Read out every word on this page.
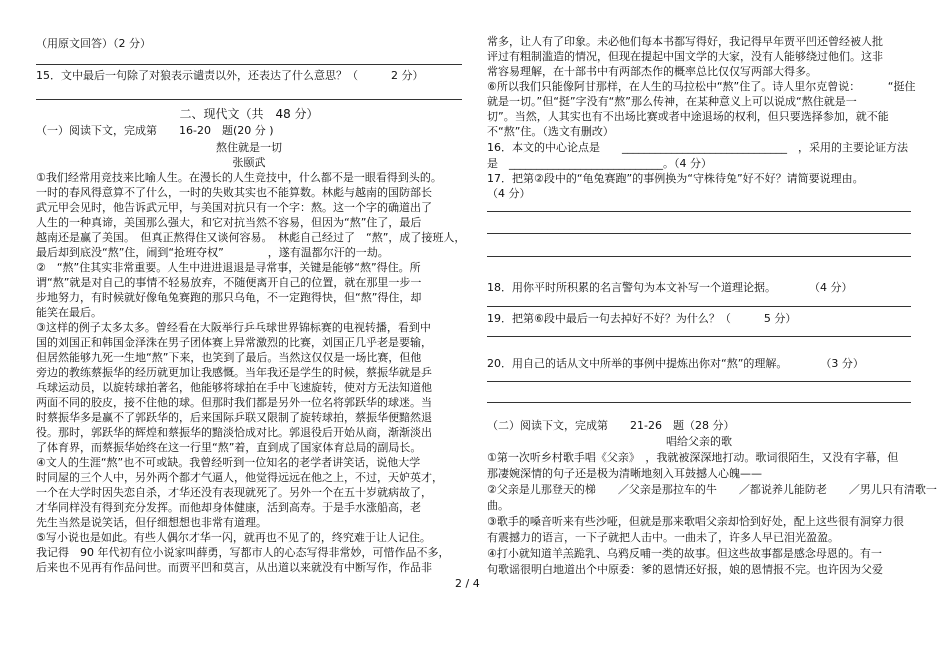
（用原文回答）（2 分）
15．文中最后一句除了对狼表示谴责以外，还表达了什么意思？（　　　2 分）
二、现代文（共　48 分）
（一）阅读下文，完成第　　16-20　题(20 分 )
熬住就是一切
张颐武
①我们经常用竞技来比喻人生。在漫长的人生竞技中，什么都不是一眼看得到头的。
一时的春风得意算不了什么，一时的失败其实也不能算数。林彪与越南的国防部长
武元甲会见时，他告诉武元甲，与美国对抗只有一个字：熬。这一个字的确道出了
人生的一种真谛，美国那么强大，和它对抗当然不容易，但因为“熬”住了，最后
越南还是赢了美国。　但真正熬得住又谈何容易。　林彪自己经过了　“熬”，成了接班人，
最后却到底没“熬”住，闹到“抢班夺权”　　　　，遂有温都尔汗的一劫。
②　“熬”住其实非常重要。人生中进进退退是寻常事，关键是能够“熬”得住。所
谓“熬”就是对自己的事情不轻易放弃，不随便离开自己的位置，就在那里一步一
步地努力，有时候就好像龟兔赛跑的那只乌龟，不一定跑得快，但“熬”得住，却
能笑在最后。
③这样的例子太多太多。曾经看在大阪举行乒乓球世界锦标赛的电视转播，看到中
国的刘国正和韩国金泽洙在男子团体赛上异常激烈的比赛，刘国正几乎老是要输，
但居然能够九死一生地“熬”下来，也笑到了最后。当然这仅仅是一场比赛，但他
旁边的教练蔡振华的经历就更加让我感慨。当年我还是学生的时候，蔡振华就是乒
乓球运动员，以旋转球拍著名，他能够将球拍在手中飞速旋转，使对方无法知道他
两面不同的胶皮，接不住他的球。但那时我们都是另外一位名将郭跃华的球迷。当
时蔡振华多是赢不了郭跃华的，后来国际乒联又限制了旋转球拍，蔡振华便黯然退
役。那时，郭跃华的辉煌和蔡振华的黯淡恰成对比。郭退役后开始从商，渐渐淡出
了体育界，而蔡振华始终在这一行里“熬”着，直到成了国家体育总局的副局长。
④文人的生涯“熬”也不可或缺。我曾经听到一位知名的老学者讲笑话，说他大学
时同屋的三个人中，另外两个都才气逼人，他觉得远远在他之上，不过，天妒英才，
一个在大学时因失恋自杀，才华还没有表现就死了。另外一个在五十岁就病故了，
才华同样没有得到充分发挥。而他却身体健康，活到高寿。于是手水涨船高，老
先生当然是说笑话，但仔细想想也非常有道理。
⑤写小说也是如此。有些人偶尔才华一闪，就再也不见了的，终究难于让人记住。
我记得　90 年代初有位小说家叫薛勇，写都市人的心态写得非常妙，可惜作品不多，
后来也不见再有作品问世。而贾平凹和莫言，从出道以来就没有中断写作，作品非
常多，让人有了印象。未必他们每本书都写得好，我记得早年贾平凹还曾经被人批
评过有粗制滥造的情况，但现在提起中国文学的大家，没有人能够绕过他们。这非
常容易理解，在十部书中有两部杰作的概率总比仅仅写两部大得多。
⑥所以我们只能像阿甘那样，在人生的马拉松中“熬”住了。诗人里尔克曾说：　　　“挺住
就是一切。”但“挺”字没有“熬”那么传神，在某种意义上可以说成“熬住就是一
切”。当然，人其实也有不出场比赛或者中途退场的权利，但只要选择参加，就不能
不“熬”住。（选文有删改）
16．本文的中心论点是　　______________________________　，采用的主要论证方法
是　____________________________。（4 分）
17．把第②段中的“龟兔赛跑”的事例换为“守株待兔”好不好？请简要说理由。
（4 分）
18．用你平时所积累的名言警句为本文补写一个道理论据。　　　　（4 分）
19．把第⑥段中最后一句去掉好不好？为什么？（　　　5 分）
20．用自己的话从文中所举的事例中提炼出你对“熬”的理解。　　　　（3 分）
（二）阅读下文，完成第　　21-26　题（28 分）
唱给父亲的歌
①第一次听乡村歌手唱《父亲》　，我就被深深地打动。歌词很陌生，又没有字幕，但
那凄婉深情的句子还是极为清晰地刻入耳鼓撼人心魄——
②父亲是儿那登天的梯　　／父亲是那拉车的牛　　／都说养儿能防老　　／男儿只有清歌一
曲。
③歌手的嗓音听来有些沙哑，但就是那来歌唱父亲却恰到好处，配上这些很有洞穿力很
有震撼力的语言，一下子就把人击中。一曲未了，许多人早已泪光盈盈。
④打小就知道羊羔跪乳、乌鸦反哺一类的故事。但这些故事都是感念母恩的。有一
句歌谣很明白地道出个中原委：爹的恩情还好报，娘的恩情报不完。也许因为父爱
2 / 4
